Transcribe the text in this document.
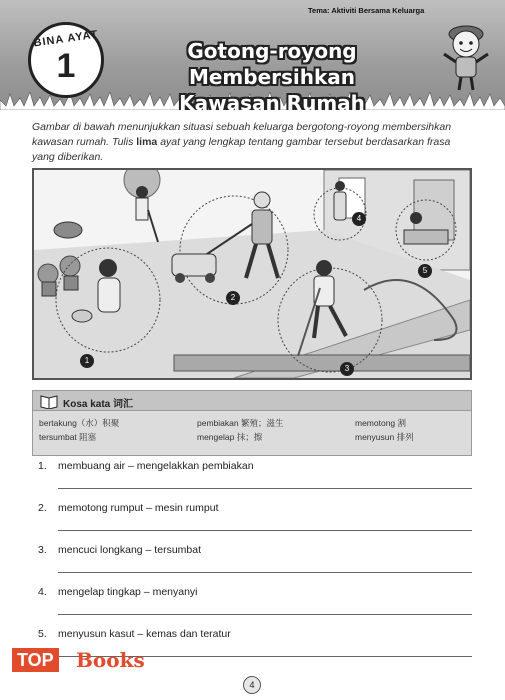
BINA AYAT
1
Tema: Aktiviti Bersama Keluarga
Gotong-royong Membersihkan
Kawasan Rumah

Gambar di bawah menunjukkan situasi sebuah keluarga bergotong-royong membersihkan kawasan rumah. Tulis lima ayat yang lengkap tentang gambar tersebut berdasarkan frasa yang diberikan.

1
2
3
4
5
Kosa kata 词汇
bertakung（水）积聚
tersumbat 阻塞
pembiakan 繁殖；滋生
mengelap 抹；擦
memotong 割
menyusun 排列
1. membuang air – mengelakkan pembiakan
2. memotong rumput – mesin rumput
3. mencuci longkang – tersumbat
4. mengelap tingkap – menyanyi
5. menyusun kasut – kemas dan teratur
TOP Books
4
